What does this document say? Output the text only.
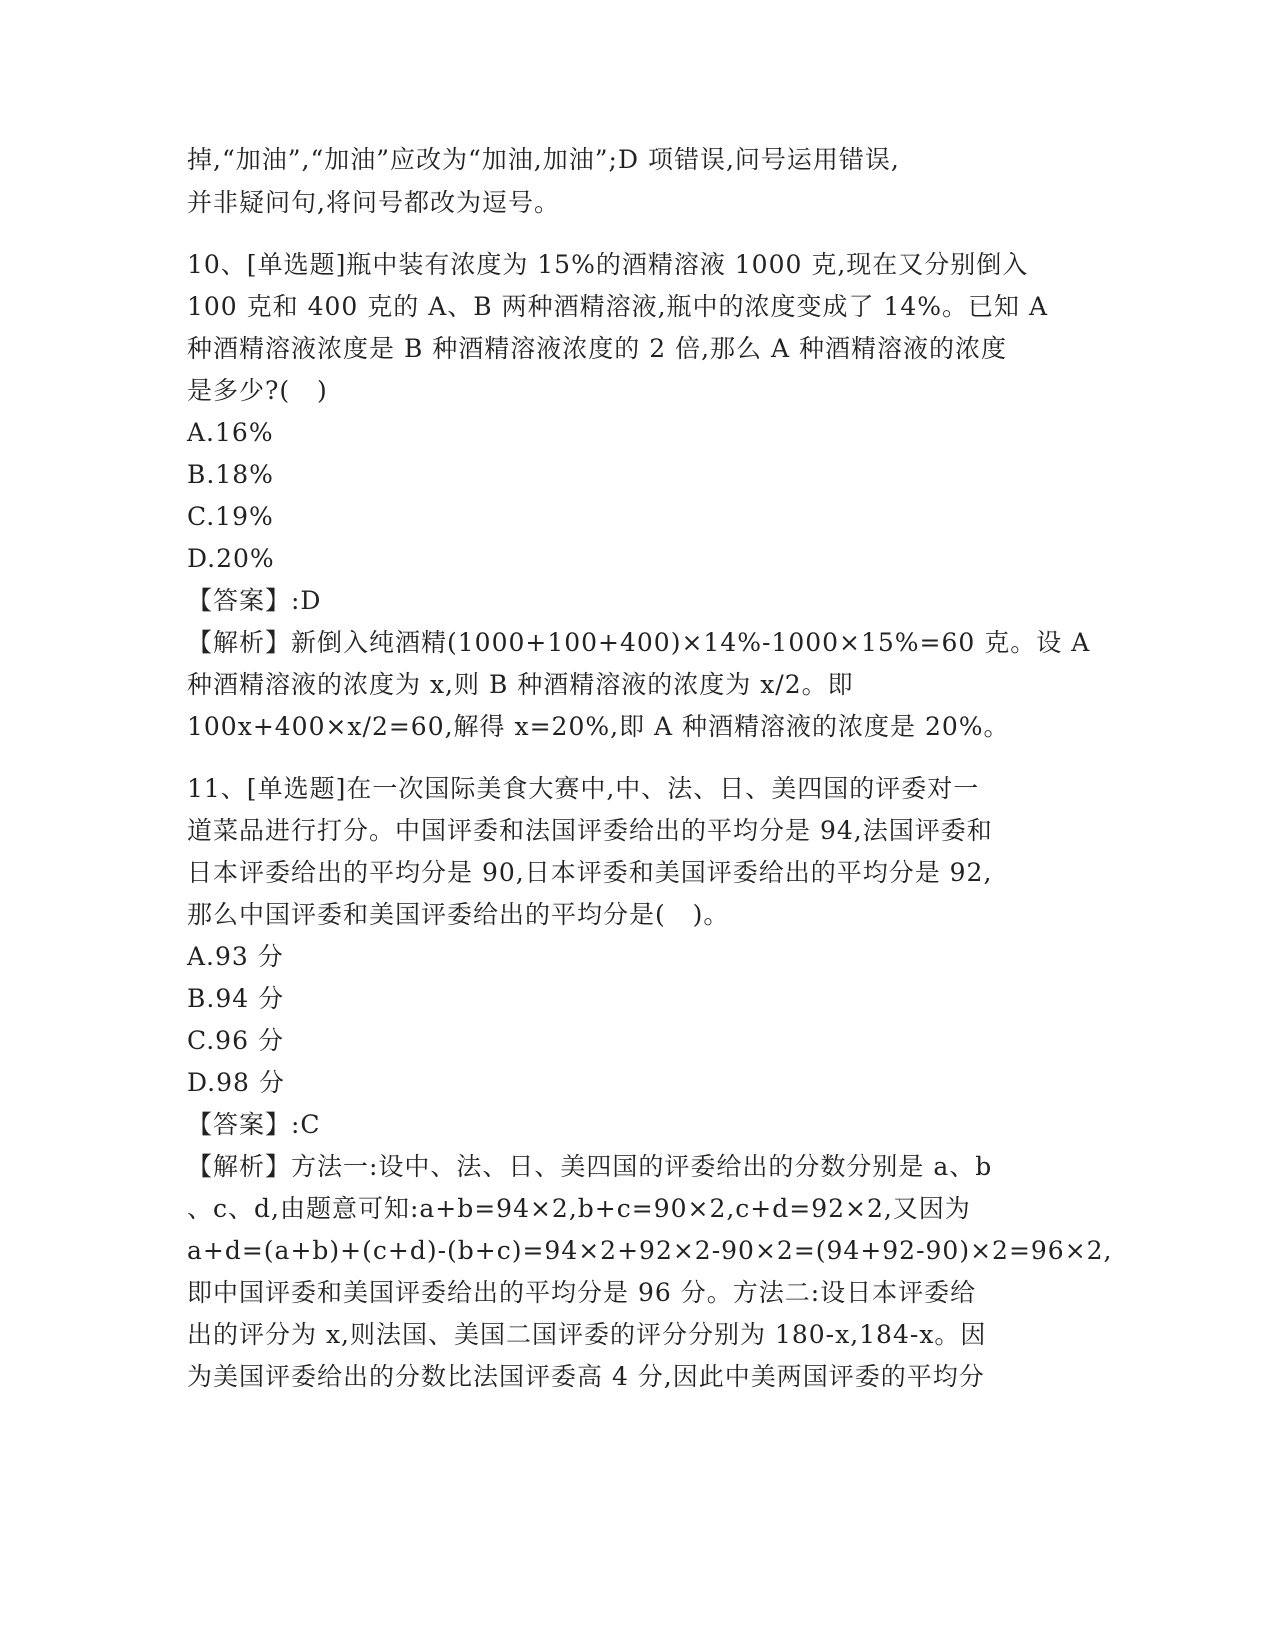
掉,“加油”,“加油”应改为“加油,加油”;D 项错误,问号运用错误,
并非疑问句,将问号都改为逗号。
10、[单选题]瓶中装有浓度为 15%的酒精溶液 1000 克,现在又分别倒入
100 克和 400 克的 A、B 两种酒精溶液,瓶中的浓度变成了 14%。已知 A
种酒精溶液浓度是 B 种酒精溶液浓度的 2 倍,那么 A 种酒精溶液的浓度
是多少?(   )
A.16%
B.18%
C.19%
D.20%
【答案】:D
【解析】新倒入纯酒精(1000+100+400)×14%-1000×15%=60 克。设 A
种酒精溶液的浓度为 x,则 B 种酒精溶液的浓度为 x/2。即
100x+400×x/2=60,解得 x=20%,即 A 种酒精溶液的浓度是 20%。
11、[单选题]在一次国际美食大赛中,中、法、日、美四国的评委对一
道菜品进行打分。中国评委和法国评委给出的平均分是 94,法国评委和
日本评委给出的平均分是 90,日本评委和美国评委给出的平均分是 92,
那么中国评委和美国评委给出的平均分是(   )。
A.93 分
B.94 分
C.96 分
D.98 分
【答案】:C
【解析】方法一:设中、法、日、美四国的评委给出的分数分别是 a、b
、c、d,由题意可知:a+b=94×2,b+c=90×2,c+d=92×2,又因为
a+d=(a+b)+(c+d)-(b+c)=94×2+92×2-90×2=(94+92-90)×2=96×2,
即中国评委和美国评委给出的平均分是 96 分。方法二:设日本评委给
出的评分为 x,则法国、美国二国评委的评分分别为 180-x,184-x。因
为美国评委给出的分数比法国评委高 4 分,因此中美两国评委的平均分
